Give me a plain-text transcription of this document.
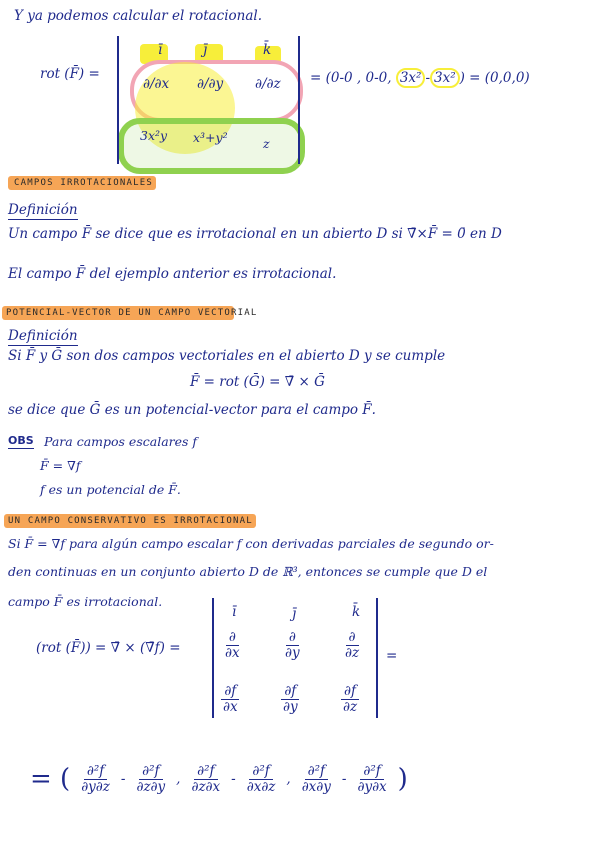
Y ya podemos calcular el rotacional.
rot (F̄) =
ī	j̄	k̄
∂/∂x ∂/∂y ∂/∂z
3x²y x³+y²	z
= (0-0 , 0-0, 3x² - 3x² ) = (0,0,0)
CAMPOS IRROTACIONALES
Definición
Un campo F̄ se dice que es irrotacional en un abierto D si ∇̄×F̄ = 0̄ en D
El campo F̄ del ejemplo anterior es irrotacional.
POTENCIAL-VECTOR DE UN CAMPO VECTORIAL
Definición
Si F̄ y Ḡ son dos campos vectoriales en el abierto D y se cumple
F̄ = rot (Ḡ) = ∇̄ × Ḡ
se dice que Ḡ es un potencial-vector para el campo F̄.
OBS Para campos escalares f
F̄ = ∇f
f es un potencial de F̄.
UN CAMPO CONSERVATIVO ES IRROTACIONAL
Si F̄ = ∇̄f para algún campo escalar f con derivadas parciales de segundo or-
den continuas en un conjunto abierto D de ℝ³, entonces se cumple que D el
campo F̄ es irrotacional.
(rot (F̄)) = ∇̄ × (∇̄f) =
ī	j̄	k̄
$\frac{\partial}{\partial x}$	$\frac{\partial}{\partial y}$	$\frac{\partial}{\partial z}$
$\frac{\partial f}{\partial x}$	$\frac{\partial f}{\partial y}$	$\frac{\partial f}{\partial z}$
=
= ( $\frac{\text{∂²f}}{\partial y\partial z} - \frac{\text{∂²f}}{\partial z\partial y}$ , $\frac{\text{∂²f}}{\partial z\partial x} - \frac{\text{∂²f}}{\partial x\partial z}$ , $\frac{\text{∂²f}}{\partial x\partial y} - \frac{\text{∂²f}}{\partial y\partial x}$ )
